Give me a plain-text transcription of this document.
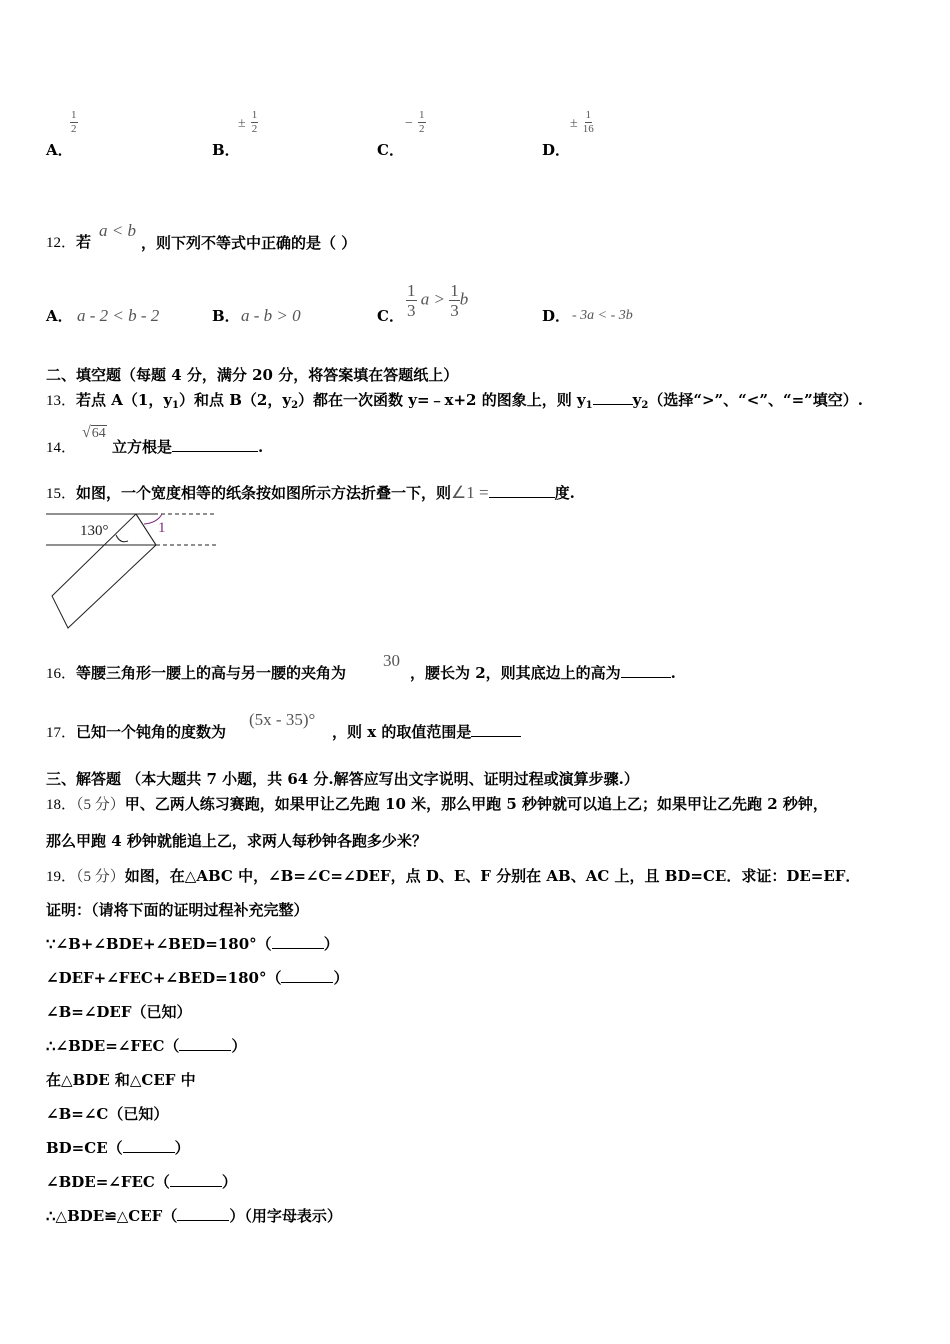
A．
$\frac{1}{2}$
B．
± $\frac{1}{2}$
C．
− $\frac{1}{2}$
D．
± $\frac{1}{16}$
12．若
a < b
，则下列不等式中正确的是（ ）
A． a - 2 < b - 2	B． a - b > 0	C． $\frac{1}{3}$ $a > \frac{1}{3}$ b
D． - 3a < - 3b
二、填空题（每题 4 分，满分 20 分，将答案填在答题纸上）
13．若点 A（1，$y_1$）和点 B（2，$y_2$）都在一次函数 y=﹣x+2 的图象上，则 $y_1$	$y_2$（选择“>”、“<”、“=”填空）.
14．
√64
立方根是	.
15．如图，一个宽度相等的纸条按如图所示方法折叠一下，则∠1 =	度.
130°	1
16．等腰三角形一腰上的高与另一腰的夹角为
30
，腰长为 2，则其底边上的高为	.
17．已知一个钝角的度数为
(5x - 35)°
，则 x 的取值范围是
三、解答题 （本大题共 7 小题，共 64 分.解答应写出文字说明、证明过程或演算步骤.）
18．（5 分）甲、乙两人练习赛跑，如果甲让乙先跑 10 米，那么甲跑 5 秒钟就可以追上乙；如果甲让乙先跑 2 秒钟，
那么甲跑 4 秒钟就能追上乙，求两人每秒钟各跑多少米？
19．（5 分）如图，在△ABC 中，∠B=∠C=∠DEF，点 D、E、F 分别在 AB、AC 上，且 BD=CE．求证：DE=EF．
证明：（请将下面的证明过程补充完整）
∵∠B+∠BDE+∠BED=180°（	）
∠DEF+∠FEC+∠BED=180°（	）
∠B=∠DEF（已知）
∴∠BDE=∠FEC（	）
在△BDE 和△CEF 中
∠B=∠C（已知）
BD=CE（	）
∠BDE=∠FEC（	）
∴△BDE≌△CEF（	）（用字母表示）
